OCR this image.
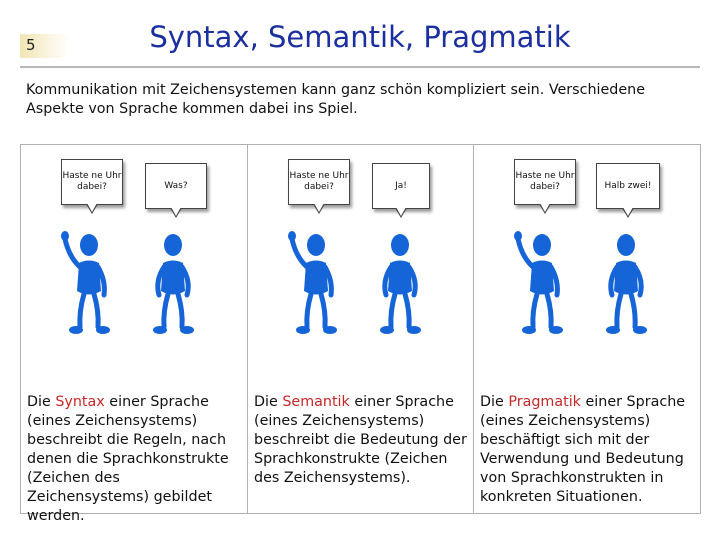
5	Syntax, Semantik, Pragmatik
Kommunikation mit Zeichensystemen kann ganz schön kompliziert sein. Verschiedene Aspekte von Sprache kommen dabei ins Spiel.
Haste ne Uhr dabei?	Was?
Die Syntax einer Sprache (eines Zeichensystems) beschreibt die Regeln, nach denen die Sprachkonstrukte (Zeichen des Zeichensystems) gebildet werden.
Haste ne Uhr dabei?	Ja!
Die Semantik einer Sprache (eines Zeichensystems) beschreibt die Bedeutung der Sprachkonstrukte (Zeichen des Zeichensystems).
Haste ne Uhr dabei?	Halb zwei!
Die Pragmatik einer Sprache (eines Zeichensystems) beschäftigt sich mit der Verwendung und Bedeutung von Sprachkonstrukten in konkreten Situationen.
